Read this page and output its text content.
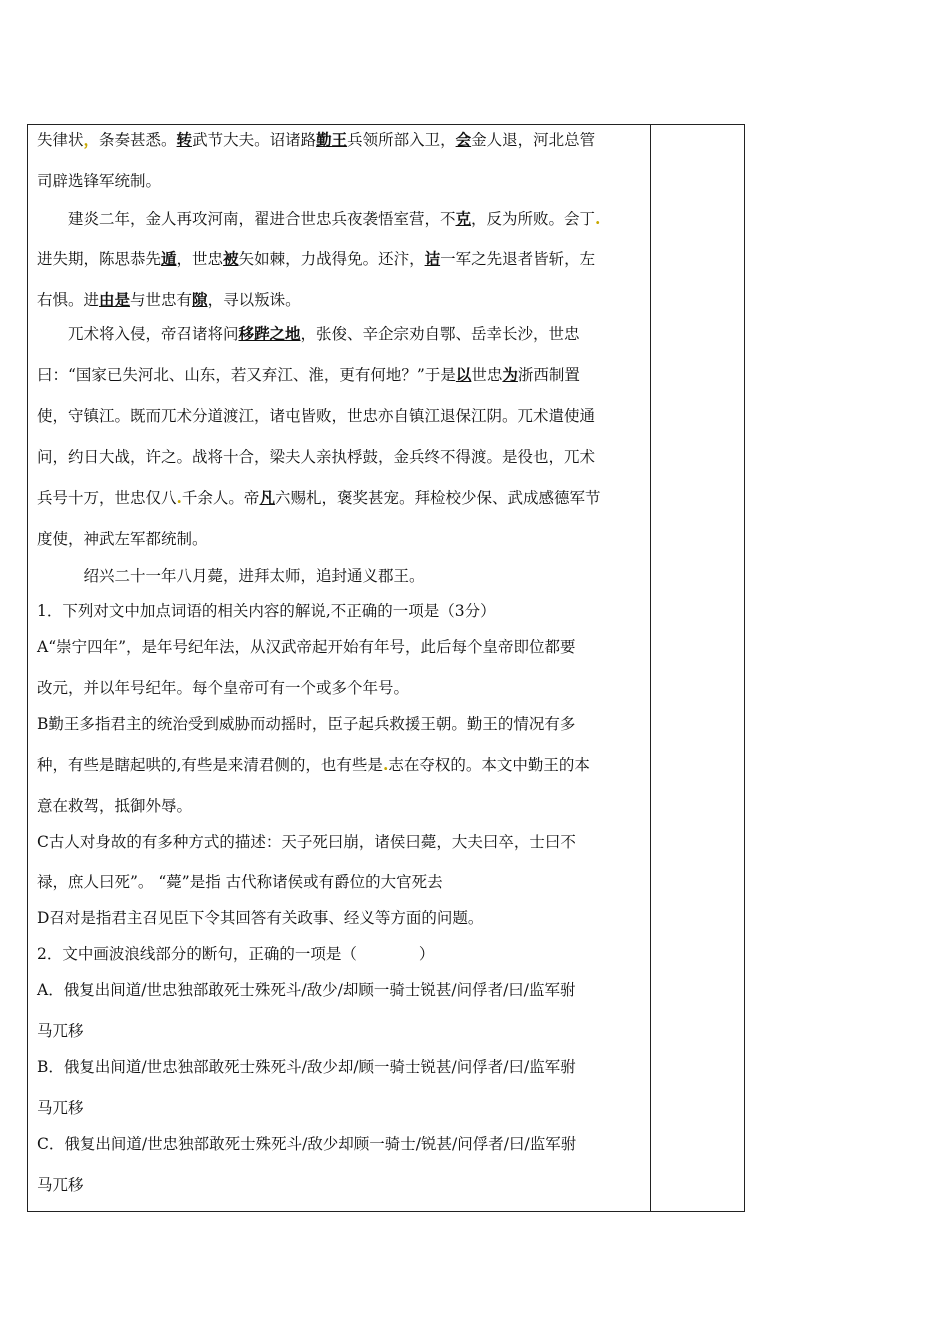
失律状，条奏甚悉。转武节大夫。诏诸路勤王兵领所部入卫，会金人退，河北总管
司辟选锋军统制。
　　建炎二年，金人再攻河南，翟进合世忠兵夜袭悟室营，不克，反为所败。会丁.
进失期，陈思恭先遁，世忠被矢如棘，力战得免。还汴，诘一军之先退者皆斩，左
右惧。进由是与世忠有隙，寻以叛诛。
　　兀术将入侵，帝召诸将问移跸之地，张俊、辛企宗劝自鄂、岳幸长沙，世忠
曰：“国家已失河北、山东，若又弃江、淮，更有何地？”于是以世忠为浙西制置
使，守镇江。既而兀术分道渡江，诸屯皆败，世忠亦自镇江退保江阴。兀术遣使通
问，约日大战，许之。战将十合，梁夫人亲执桴鼓，金兵终不得渡。是役也，兀术
兵号十万，世忠仅八.千余人。帝凡六赐札，褒奖甚宠。拜检校少保、武成感德军节
度使，神武左军都统制。
　　　绍兴二十一年八月薨，进拜太师，追封通义郡王。
1．下列对文中加点词语的相关内容的解说,不正确的一项是（3分）
A“崇宁四年”，是年号纪年法，从汉武帝起开始有年号，此后每个皇帝即位都要
改元，并以年号纪年。每个皇帝可有一个或多个年号。
B勤王多指君主的统治受到威胁而动摇时，臣子起兵救援王朝。勤王的情况有多
种，有些是瞎起哄的,有些是来清君侧的，也有些是.志在夺权的。本文中勤王的本
意在救驾，抵御外辱。
C古人对身故的有多种方式的描述：天子死曰崩，诸侯曰薨，大夫曰卒，士曰不
禄，庶人曰死”。 “薨”是指 古代称诸侯或有爵位的大官死去
D召对是指君主召见臣下令其回答有关政事、经义等方面的问题。
2．文中画波浪线部分的断句，正确的一项是（　　　　）
A．俄复出间道/世忠独部敢死士殊死斗/敌少/却顾一骑士锐甚/问俘者/曰/监军驸
马兀移
B．俄复出间道/世忠独部敢死士殊死斗/敌少却/顾一骑士锐甚/问俘者/曰/监军驸
马兀移
C．俄复出间道/世忠独部敢死士殊死斗/敌少却顾一骑士/锐甚/问俘者/曰/监军驸
马兀移
